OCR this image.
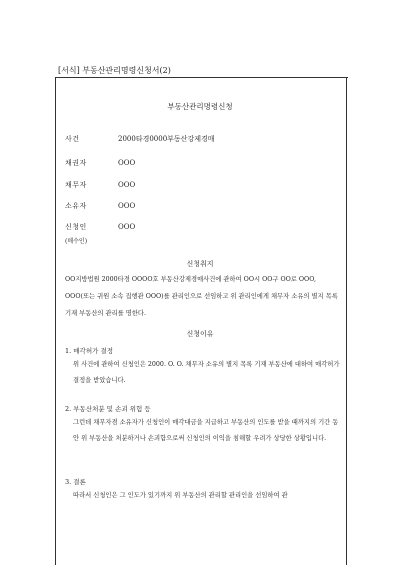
[서식] 부동산관리명령신청서(2)
부동산관리명령신청
사건	2000타경0000부동산강제경매
채권자	OOO
채무자	OOO
소유자	OOO
신청인	OOO
(매수인)
신청취지
OO지방법원 2000타경 OOOO호 부동산강제경매사건에 관하여 OO시 OO구 OO로 OOO, OOO(또는 귀원 소속 집행관 OOO)를 관리인으로 선임하고 위 관리인에게 채무자 소유의 별지 목록 기재 부동산의 관리를 명한다.
신청이유
1. 매각허가 결정
위 사건에 관하여 신청인은 2000. O. O. 채무자 소유의 별지 목록 기재 부동산에 대하여 매각허가결정을 받았습니다.
2. 부동산처분 및 손괴 위험 등
그런데 채무자겸 소유자가 신청인이 매각대금을 지급하고 부동산의 인도를 받을 때까지의 기간 동안 위 부동산을 처분하거나 손괴함으로써 신청인의 이익을 침해할 우려가 상당한 상황입니다.
3. 결론
따라서 신청인은 그 인도가 있기까지 위 부동산의 관리할 관리인을 선임하여 관
